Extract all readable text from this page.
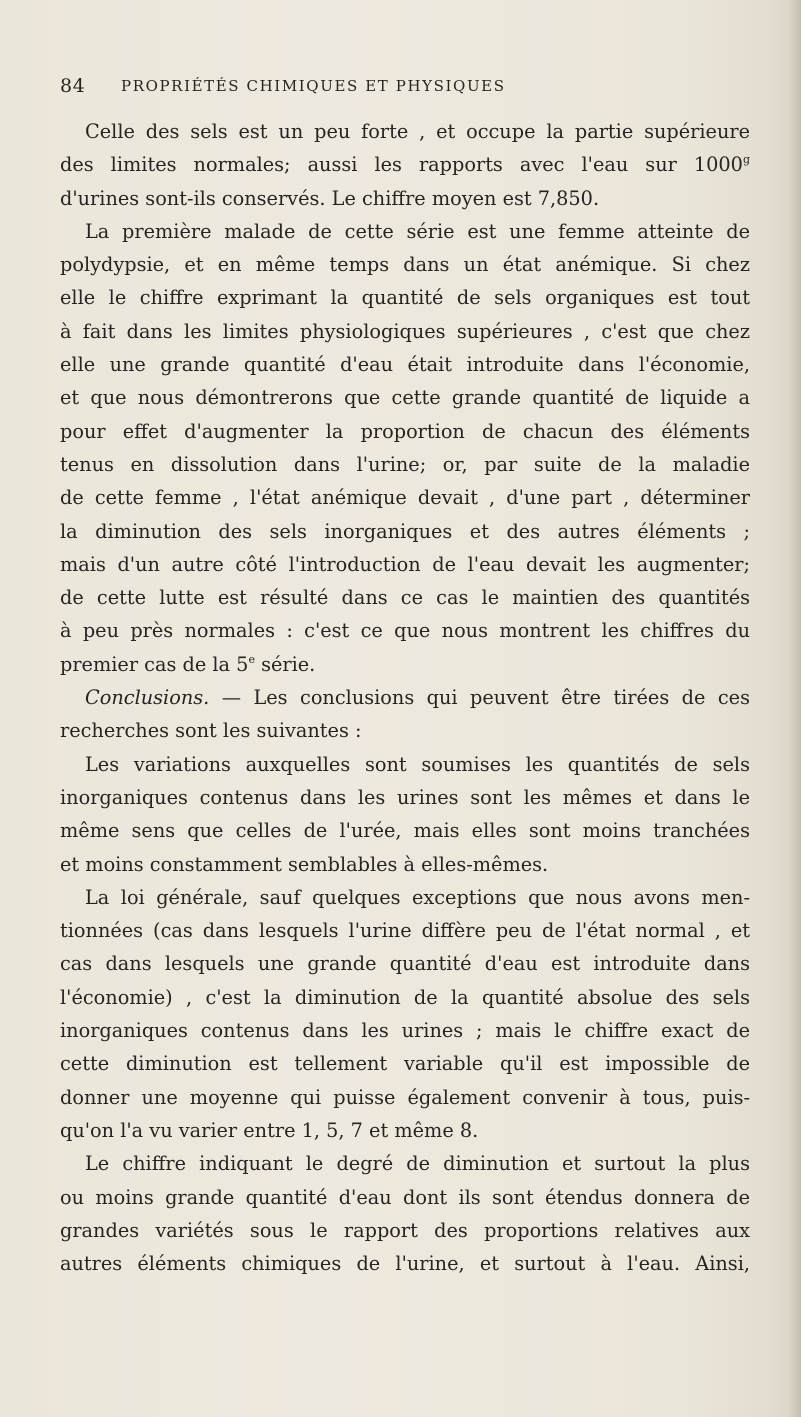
84 PROPRIÉTÉS CHIMIQUES ET PHYSIQUES
Celle des sels est un peu forte , et occupe la partie supérieure
des limites normales; aussi les rapports avec l'eau sur 1000$^g$
d'urines sont-ils conservés. Le chiffre moyen est 7,850.
La première malade de cette série est une femme atteinte de
polydypsie, et en même temps dans un état anémique. Si chez
elle le chiffre exprimant la quantité de sels organiques est tout
à fait dans les limites physiologiques supérieures , c'est que chez
elle une grande quantité d'eau était introduite dans l'économie,
et que nous démontrerons que cette grande quantité de liquide a
pour effet d'augmenter la proportion de chacun des éléments
tenus en dissolution dans l'urine; or, par suite de la maladie
de cette femme , l'état anémique devait , d'une part , déterminer
la diminution des sels inorganiques et des autres éléments ;
mais d'un autre côté l'introduction de l'eau devait les augmenter;
de cette lutte est résulté dans ce cas le maintien des quantités
à peu près normales : c'est ce que nous montrent les chiffres du
premier cas de la 5e série.
Conclusions. — Les conclusions qui peuvent être tirées de ces
recherches sont les suivantes :
Les variations auxquelles sont soumises les quantités de sels
inorganiques contenus dans les urines sont les mêmes et dans le
même sens que celles de l'urée, mais elles sont moins tranchées
et moins constamment semblables à elles-mêmes.
La loi générale, sauf quelques exceptions que nous avons men-
tionnées (cas dans lesquels l'urine diffère peu de l'état normal , et
cas dans lesquels une grande quantité d'eau est introduite dans
l'économie) , c'est la diminution de la quantité absolue des sels
inorganiques contenus dans les urines ; mais le chiffre exact de
cette diminution est tellement variable qu'il est impossible de
donner une moyenne qui puisse également convenir à tous, puis-
qu'on l'a vu varier entre 1, 5, 7 et même 8.
Le chiffre indiquant le degré de diminution et surtout la plus
ou moins grande quantité d'eau dont ils sont étendus donnera de
grandes variétés sous le rapport des proportions relatives aux
autres éléments chimiques de l'urine, et surtout à l'eau. Ainsi,
